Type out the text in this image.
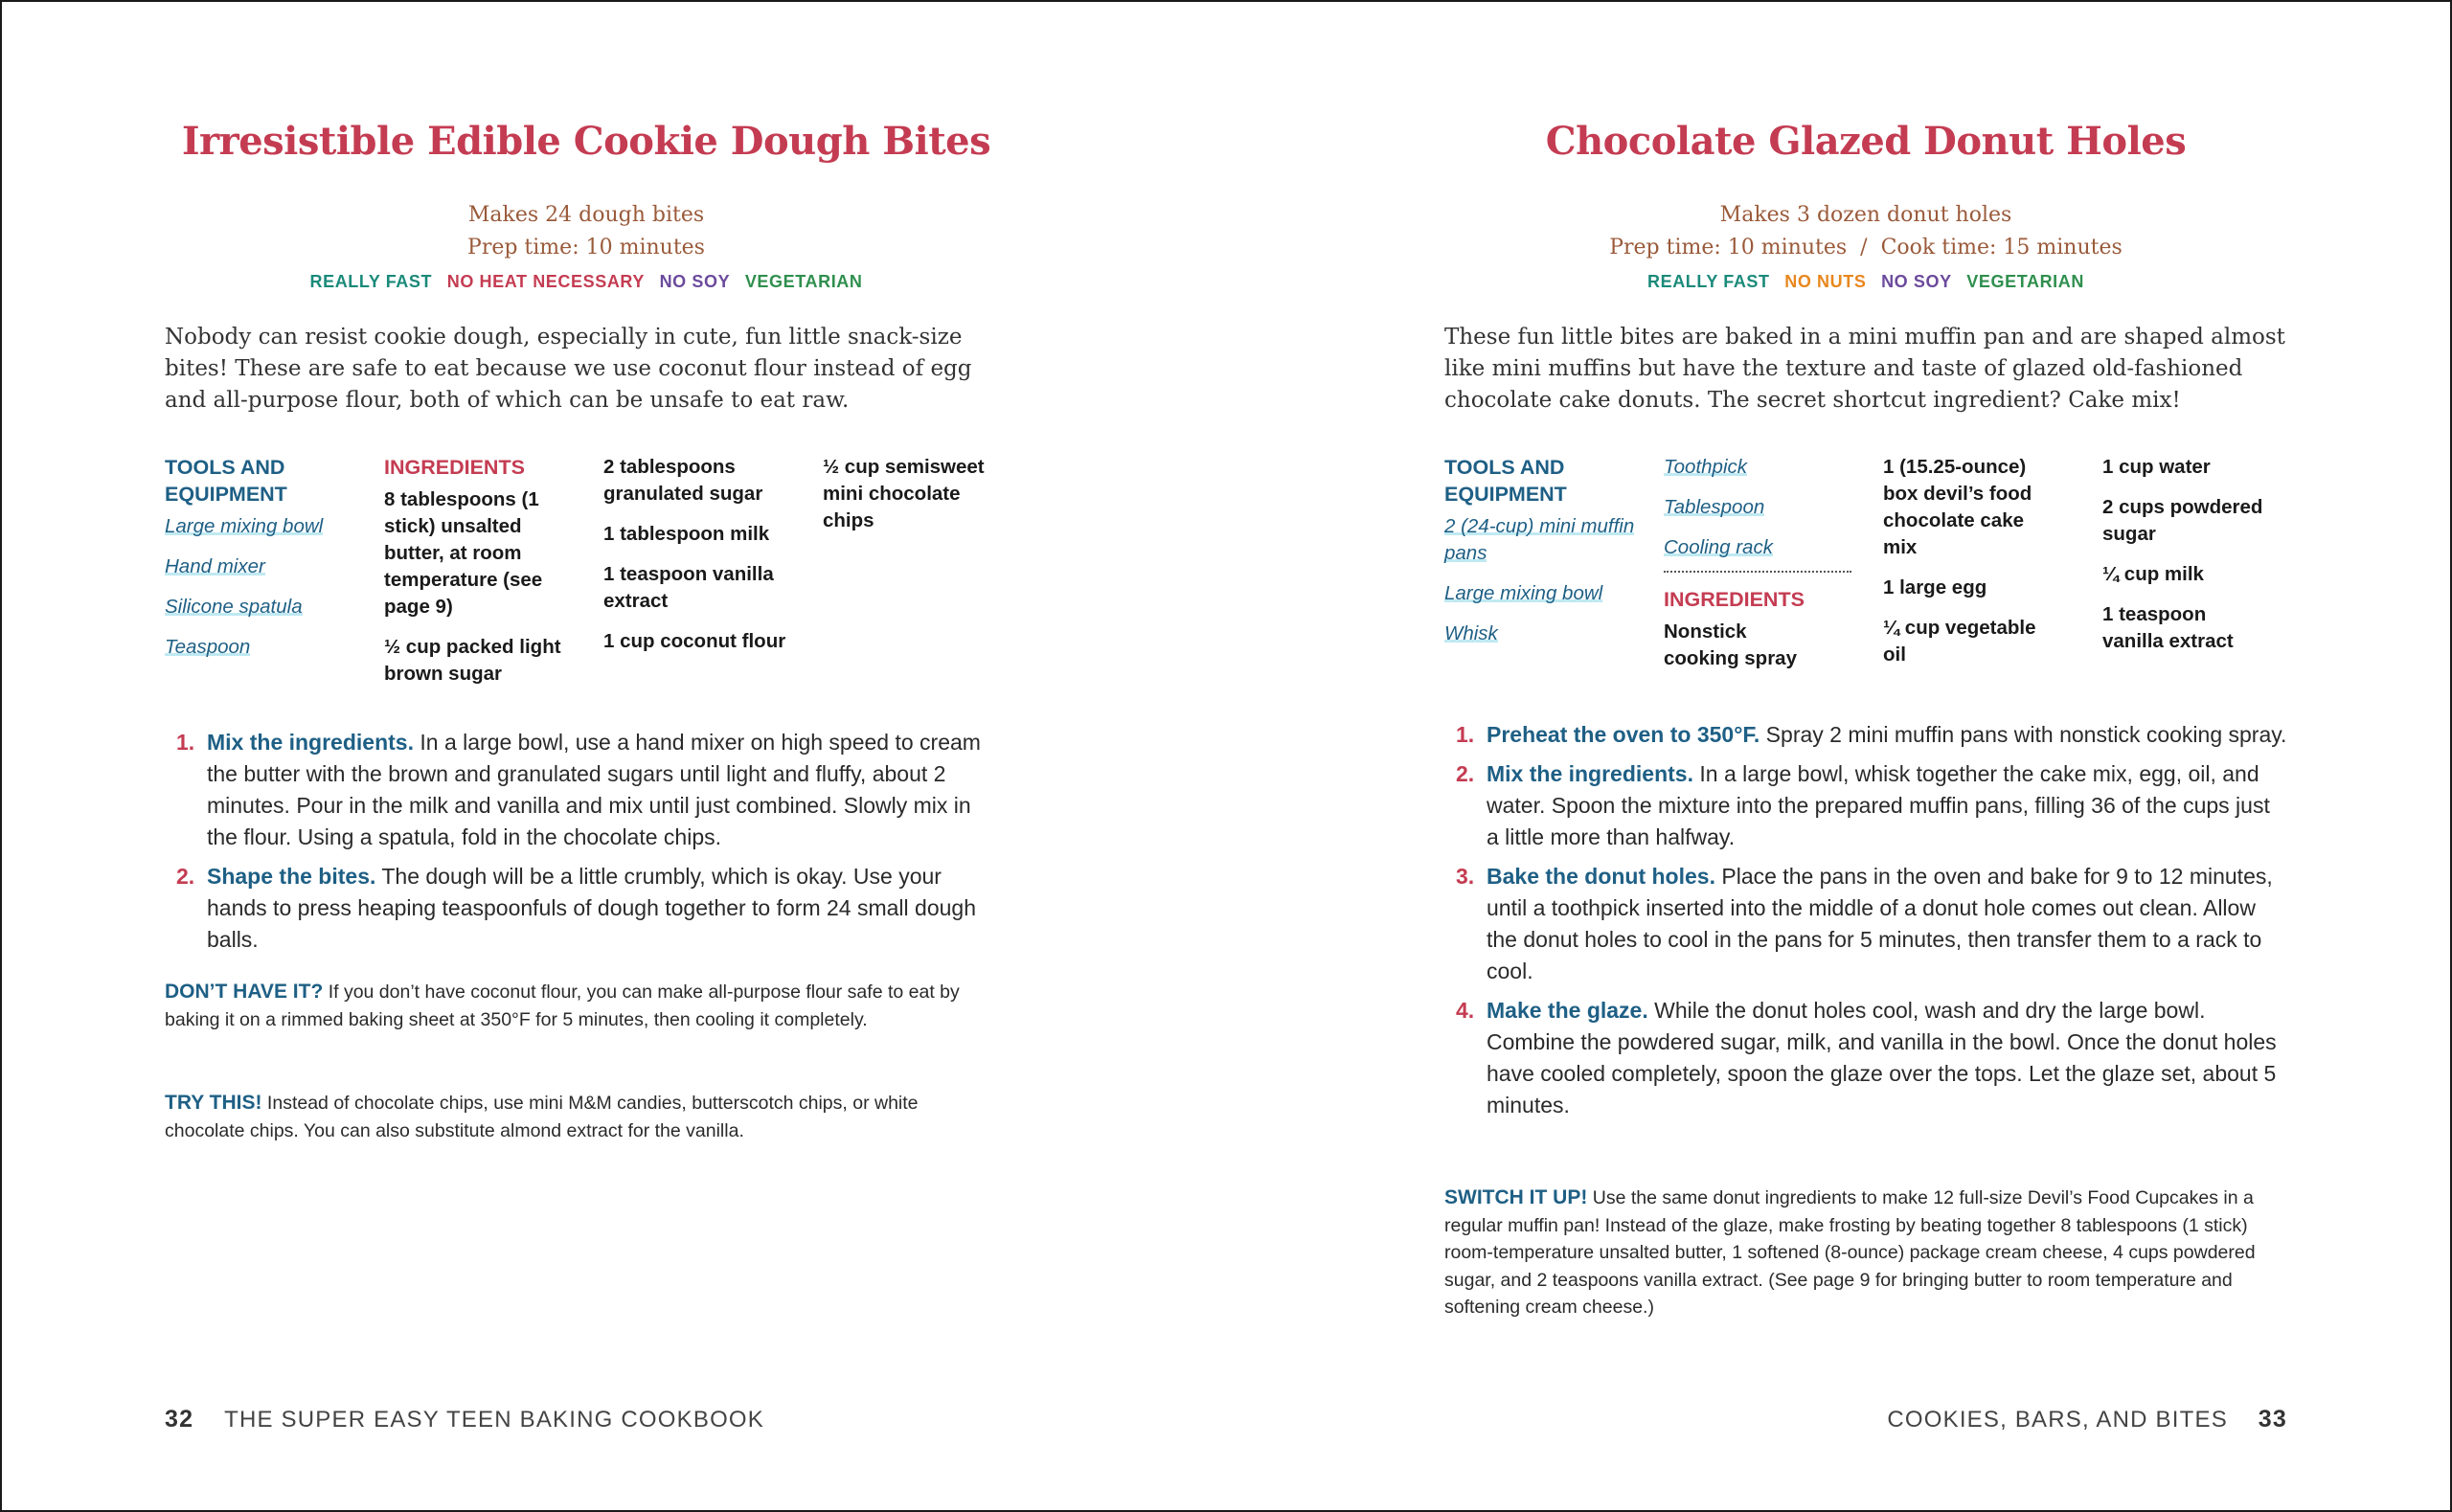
Irresistible Edible Cookie Dough Bites
Makes 24 dough bites
Prep time: 10 minutes
REALLY FAST NO HEAT NECESSARY NO SOY VEGETARIAN

Nobody can resist cookie dough, especially in cute, fun little snack-size bites! These are safe to eat because we use coconut flour instead of egg and all-purpose flour, both of which can be unsafe to eat raw.

TOOLS AND EQUIPMENT
Large mixing bowl
Hand mixer
Silicone spatula
Teaspoon
INGREDIENTS
8 tablespoons (1 stick) unsalted butter, at room temperature (see page 9)
½ cup packed light brown sugar
2 tablespoons granulated sugar
1 tablespoon milk
1 teaspoon vanilla extract
1 cup coconut flour
½ cup semisweet mini chocolate chips
1. Mix the ingredients. In a large bowl, use a hand mixer on high speed to cream the butter with the brown and granulated sugars until light and fluffy, about 2 minutes. Pour in the milk and vanilla and mix until just combined. Slowly mix in the flour. Using a spatula, fold in the chocolate chips.
2. Shape the bites. The dough will be a little crumbly, which is okay. Use your hands to press heaping teaspoonfuls of dough together to form 24 small dough balls.
DON’T HAVE IT? If you don’t have coconut flour, you can make all-purpose flour safe to eat by baking it on a rimmed baking sheet at 350°F for 5 minutes, then cooling it completely.
TRY THIS! Instead of chocolate chips, use mini M&M candies, butterscotch chips, or white chocolate chips. You can also substitute almond extract for the vanilla.
32 THE SUPER EASY TEEN BAKING COOKBOOK
Chocolate Glazed Donut Holes
Makes 3 dozen donut holes
Prep time: 10 minutes / Cook time: 15 minutes
REALLY FAST NO NUTS NO SOY VEGETARIAN

These fun little bites are baked in a mini muffin pan and are shaped almost like mini muffins but have the texture and taste of glazed old-fashioned chocolate cake donuts. The secret shortcut ingredient? Cake mix!

TOOLS AND EQUIPMENT
2 (24-cup) mini muffin pans
Large mixing bowl
Whisk
Toothpick
Tablespoon
Cooling rack
INGREDIENTS
Nonstick cooking spray
1 (15.25-ounce) box devil’s food chocolate cake mix
1 large egg
¼ cup vegetable oil
1 cup water
2 cups powdered sugar
¼ cup milk
1 teaspoon vanilla extract
1. Preheat the oven to 350°F. Spray 2 mini muffin pans with nonstick cooking spray.
2. Mix the ingredients. In a large bowl, whisk together the cake mix, egg, oil, and water. Spoon the mixture into the prepared muffin pans, filling 36 of the cups just a little more than halfway.
3. Bake the donut holes. Place the pans in the oven and bake for 9 to 12 minutes, until a toothpick inserted into the middle of a donut hole comes out clean. Allow the donut holes to cool in the pans for 5 minutes, then transfer them to a rack to cool.
4. Make the glaze. While the donut holes cool, wash and dry the large bowl. Combine the powdered sugar, milk, and vanilla in the bowl. Once the donut holes have cooled completely, spoon the glaze over the tops. Let the glaze set, about 5 minutes.
SWITCH IT UP! Use the same donut ingredients to make 12 full-size Devil’s Food Cupcakes in a regular muffin pan! Instead of the glaze, make frosting by beating together 8 tablespoons (1 stick) room-temperature unsalted butter, 1 softened (8-ounce) package cream cheese, 4 cups powdered sugar, and 2 teaspoons vanilla extract. (See page 9 for bringing butter to room temperature and softening cream cheese.)
COOKIES, BARS, AND BITES 33
